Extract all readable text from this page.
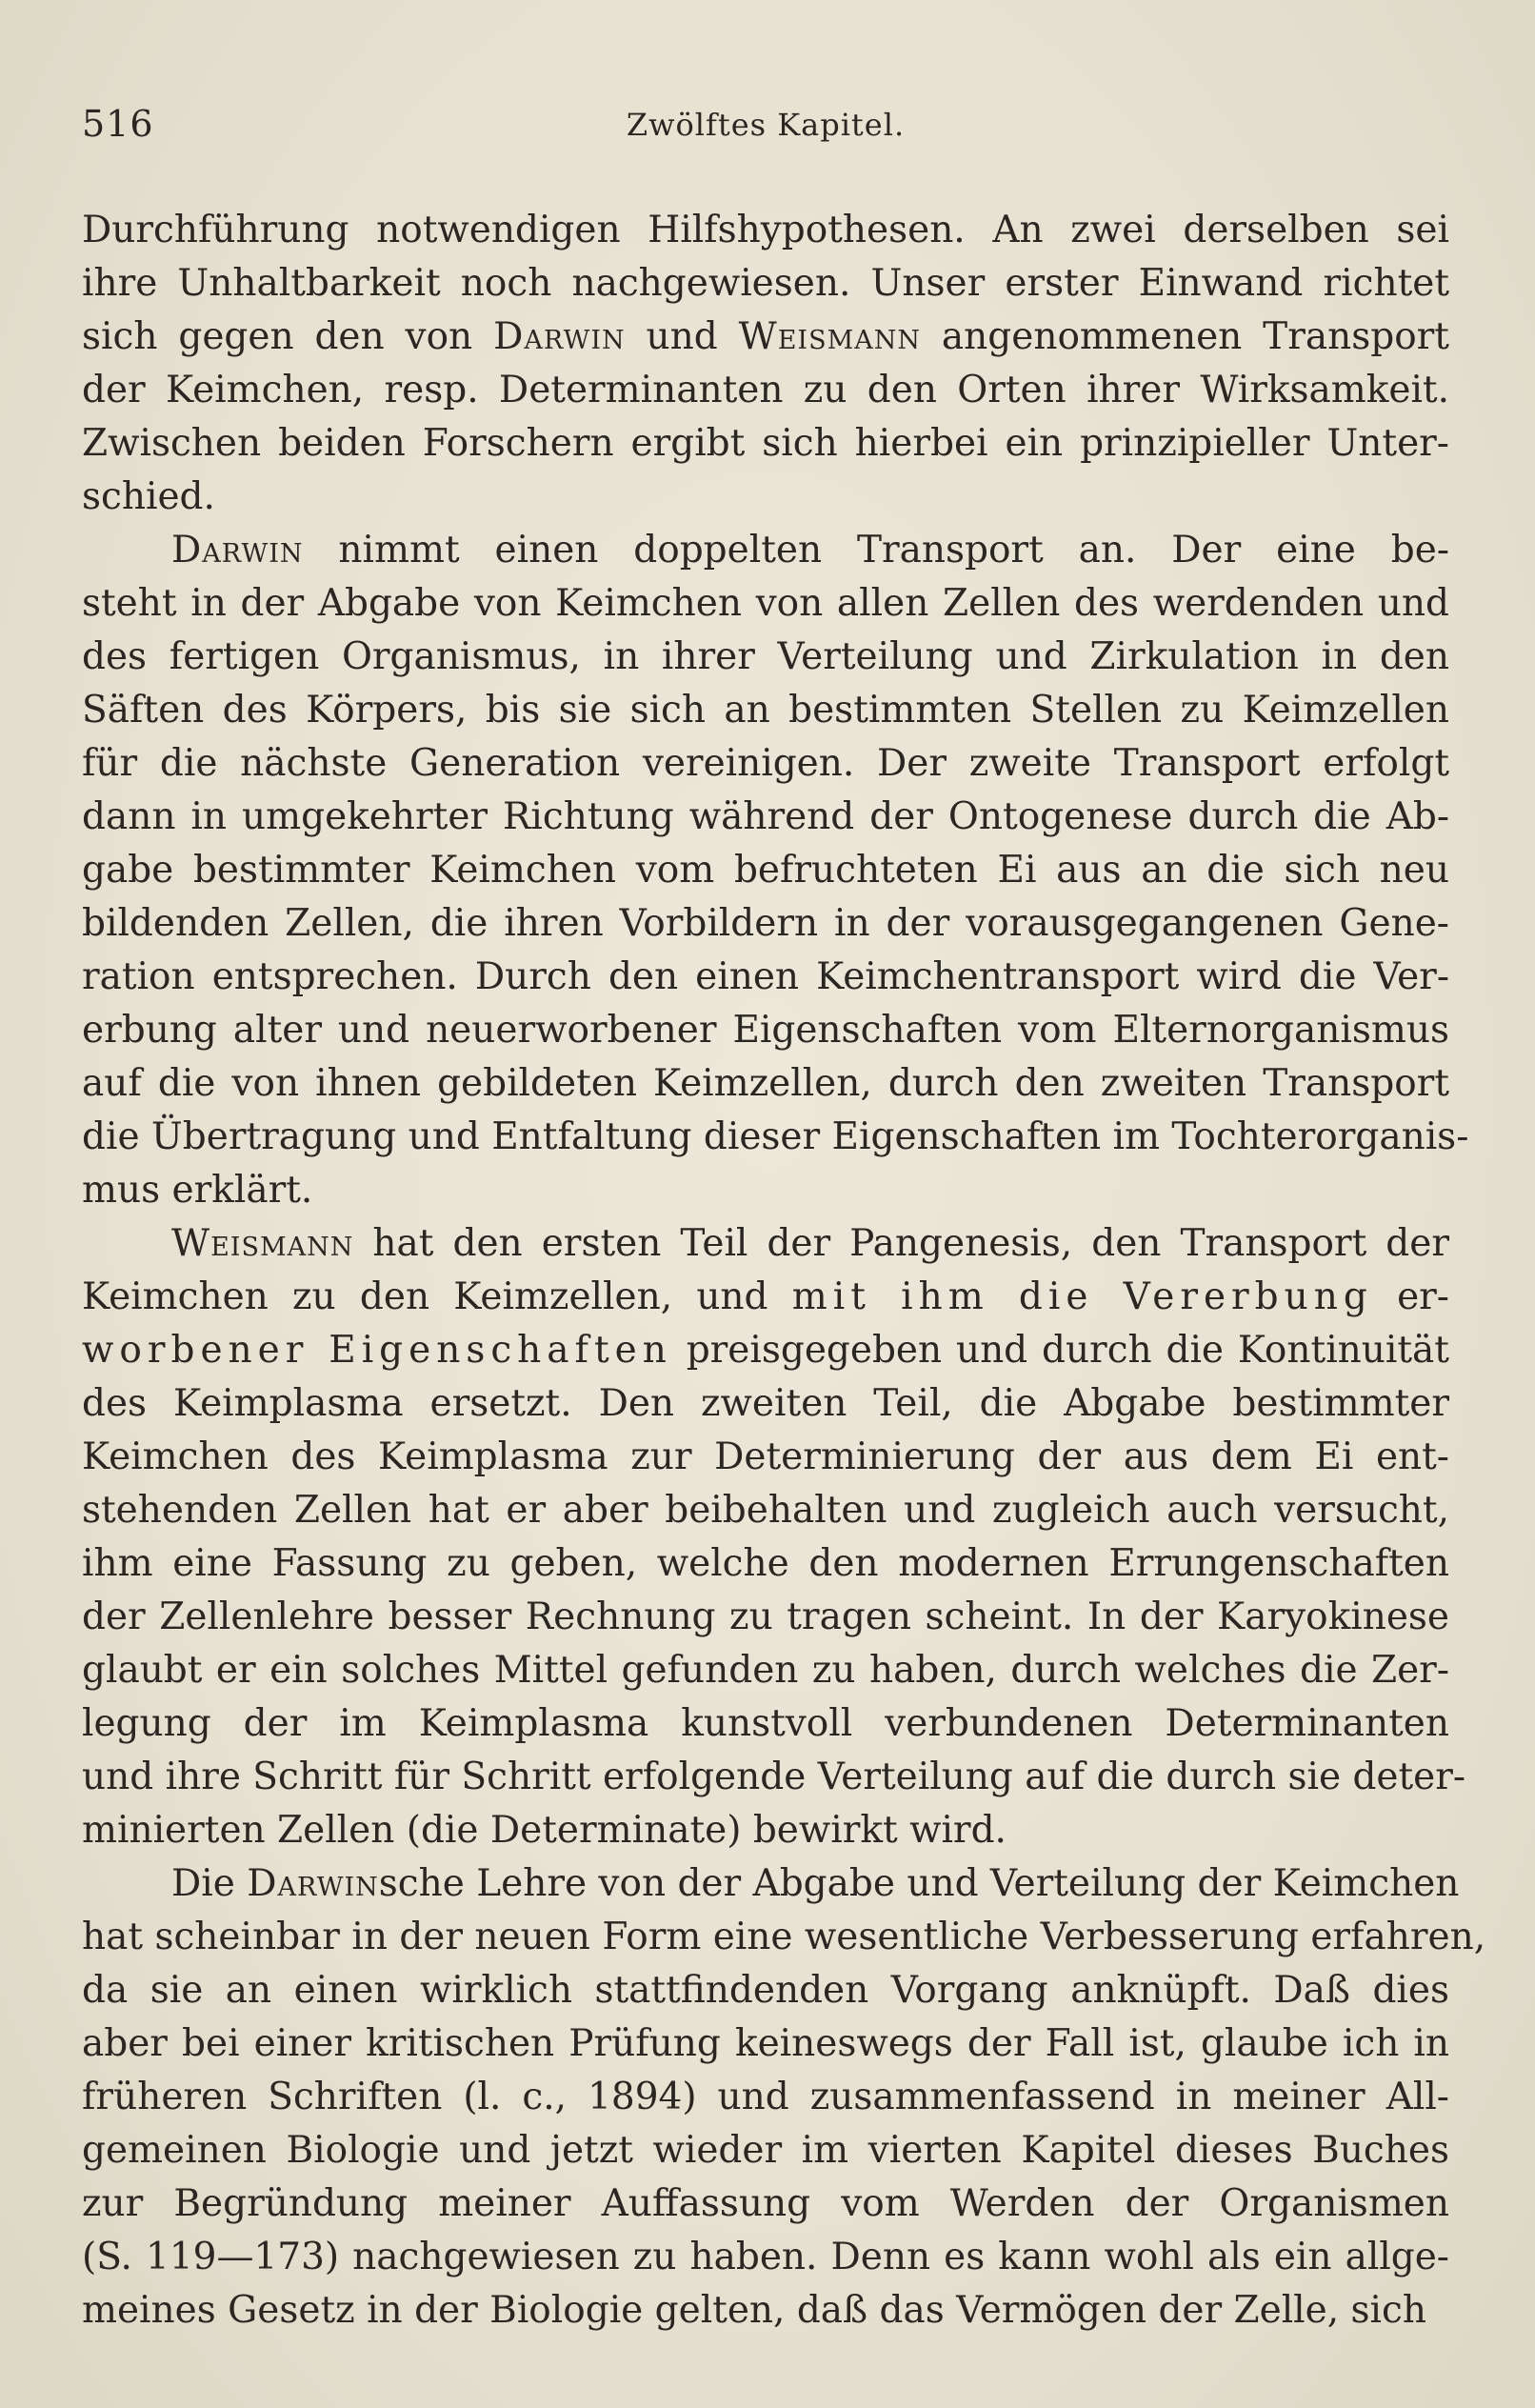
516	Zwölftes Kapitel.
Durchführung notwendigen Hilfshypothesen. An zwei derselben sei
ihre Unhaltbarkeit noch nachgewiesen. Unser erster Einwand richtet
sich gegen den von Darwin und Weismann angenommenen Transport
der Keimchen, resp. Determinanten zu den Orten ihrer Wirksamkeit.
Zwischen beiden Forschern ergibt sich hierbei ein prinzipieller Unter-
schied.
Darwin nimmt einen doppelten Transport an. Der eine be-
steht in der Abgabe von Keimchen von allen Zellen des werdenden und
des fertigen Organismus, in ihrer Verteilung und Zirkulation in den
Säften des Körpers, bis sie sich an bestimmten Stellen zu Keimzellen
für die nächste Generation vereinigen. Der zweite Transport erfolgt
dann in umgekehrter Richtung während der Ontogenese durch die Ab-
gabe bestimmter Keimchen vom befruchteten Ei aus an die sich neu
bildenden Zellen, die ihren Vorbildern in der vorausgegangenen Gene-
ration entsprechen. Durch den einen Keimchentransport wird die Ver-
erbung alter und neuerworbener Eigenschaften vom Elternorganismus
auf die von ihnen gebildeten Keimzellen, durch den zweiten Transport
die Übertragung und Entfaltung dieser Eigenschaften im Tochterorganis-
mus erklärt.
Weismann hat den ersten Teil der Pangenesis, den Transport der
Keimchen zu den Keimzellen, und mit ihm die Vererbung er-
worbener Eigenschaften preisgegeben und durch die Kontinuität
des Keimplasma ersetzt. Den zweiten Teil, die Abgabe bestimmter
Keimchen des Keimplasma zur Determinierung der aus dem Ei ent-
stehenden Zellen hat er aber beibehalten und zugleich auch versucht,
ihm eine Fassung zu geben, welche den modernen Errungenschaften
der Zellenlehre besser Rechnung zu tragen scheint. In der Karyokinese
glaubt er ein solches Mittel gefunden zu haben, durch welches die Zer-
legung der im Keimplasma kunstvoll verbundenen Determinanten
und ihre Schritt für Schritt erfolgende Verteilung auf die durch sie deter-
minierten Zellen (die Determinate) bewirkt wird.
Die Darwinsche Lehre von der Abgabe und Verteilung der Keimchen
hat scheinbar in der neuen Form eine wesentliche Verbesserung erfahren,
da sie an einen wirklich stattfindenden Vorgang anknüpft. Daß dies
aber bei einer kritischen Prüfung keineswegs der Fall ist, glaube ich in
früheren Schriften (l. c., 1894) und zusammenfassend in meiner All-
gemeinen Biologie und jetzt wieder im vierten Kapitel dieses Buches
zur Begründung meiner Auffassung vom Werden der Organismen
(S. 119—173) nachgewiesen zu haben. Denn es kann wohl als ein allge-
meines Gesetz in der Biologie gelten, daß das Vermögen der Zelle, sich
